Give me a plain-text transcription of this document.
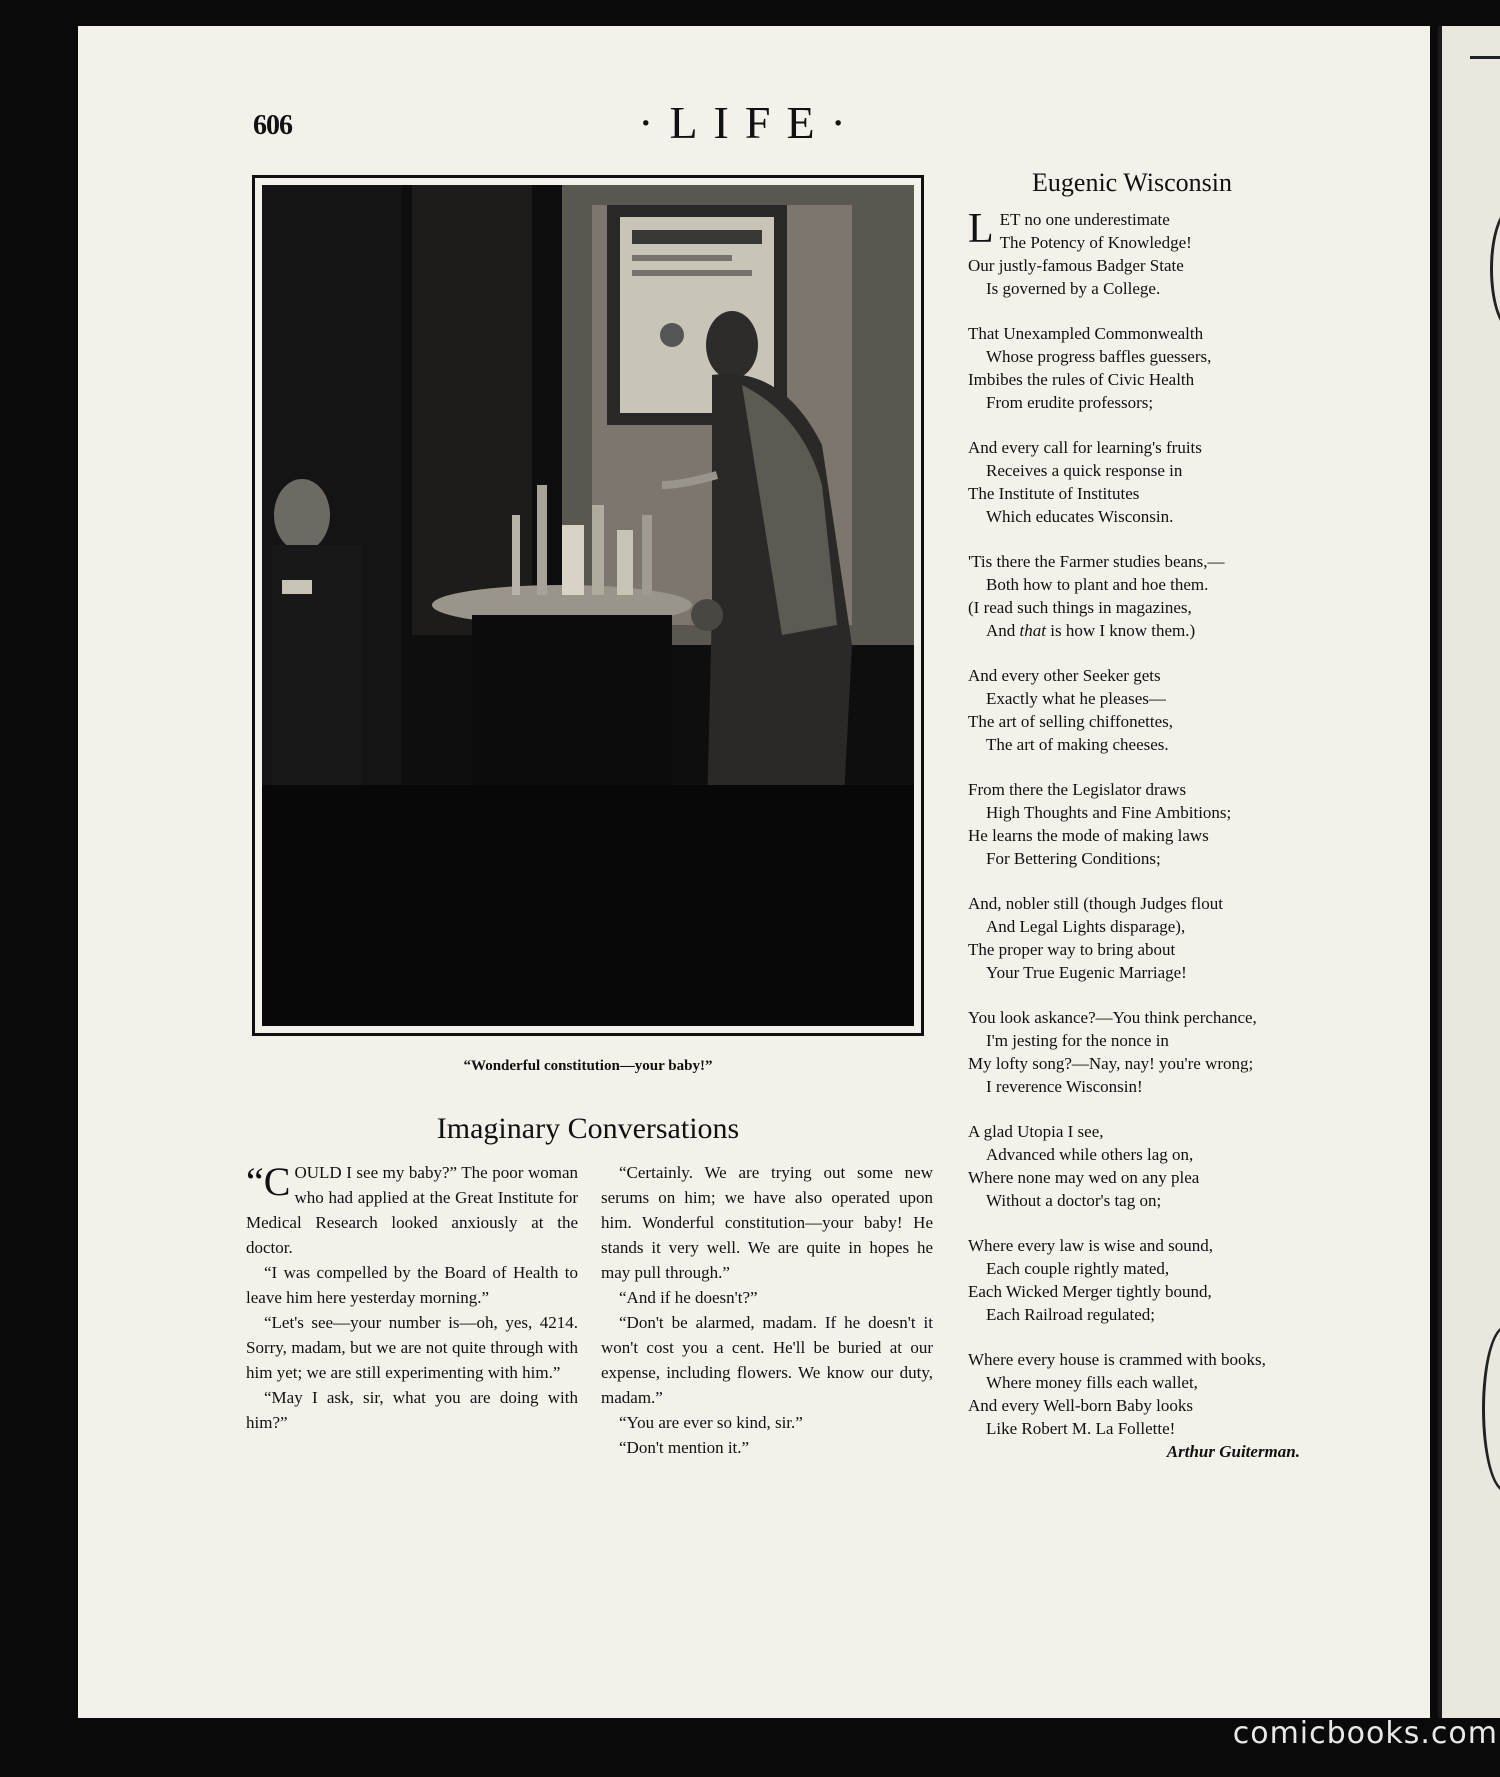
606	·LIFE·
“Wonderful constitution—your baby!”
Imaginary Conversations

“C OULD I see my baby?” The poor woman who had applied at the Great Institute for Medical Research looked anxiously at the doctor.

“I was compelled by the Board of Health to leave him here yesterday morning.”

“Let's see—your number is—oh, yes, 4214. Sorry, madam, but we are not quite through with him yet; we are still experimenting with him.”

“May I ask, sir, what you are doing with him?”

“Certainly. We are trying out some new serums on him; we have also operated upon him. Wonderful constitution—your baby! He stands it very well. We are quite in hopes he may pull through.”

“And if he doesn't?”

“Don't be alarmed, madam. If he doesn't it won't cost you a cent. He'll be buried at our expense, including flowers. We know our duty, madam.”

“You are ever so kind, sir.”

“Don't mention it.”

Eugenic Wisconsin
L ET no one underestimate
The Potency of Knowledge!
Our justly-famous Badger State
Is governed by a College.
That Unexampled Commonwealth
Whose progress baffles guessers,
Imbibes the rules of Civic Health
From erudite professors;
And every call for learning's fruits
Receives a quick response in
The Institute of Institutes
Which educates Wisconsin.
'Tis there the Farmer studies beans,—
Both how to plant and hoe them.
(I read such things in magazines,
And that is how I know them.)
And every other Seeker gets
Exactly what he pleases—
The art of selling chiffonettes,
The art of making cheeses.
From there the Legislator draws
High Thoughts and Fine Ambitions;
He learns the mode of making laws
For Bettering Conditions;
And, nobler still (though Judges flout
And Legal Lights disparage),
The proper way to bring about
Your True Eugenic Marriage!
You look askance?—You think perchance,
I'm jesting for the nonce in
My lofty song?—Nay, nay! you're wrong;
I reverence Wisconsin!
A glad Utopia I see,
Advanced while others lag on,
Where none may wed on any plea
Without a doctor's tag on;
Where every law is wise and sound,
Each couple rightly mated,
Each Wicked Merger tightly bound,
Each Railroad regulated;
Where every house is crammed with books,
Where money fills each wallet,
And every Well-born Baby looks
Like Robert M. La Follette!
Arthur Guiterman.
comicbooks.com
